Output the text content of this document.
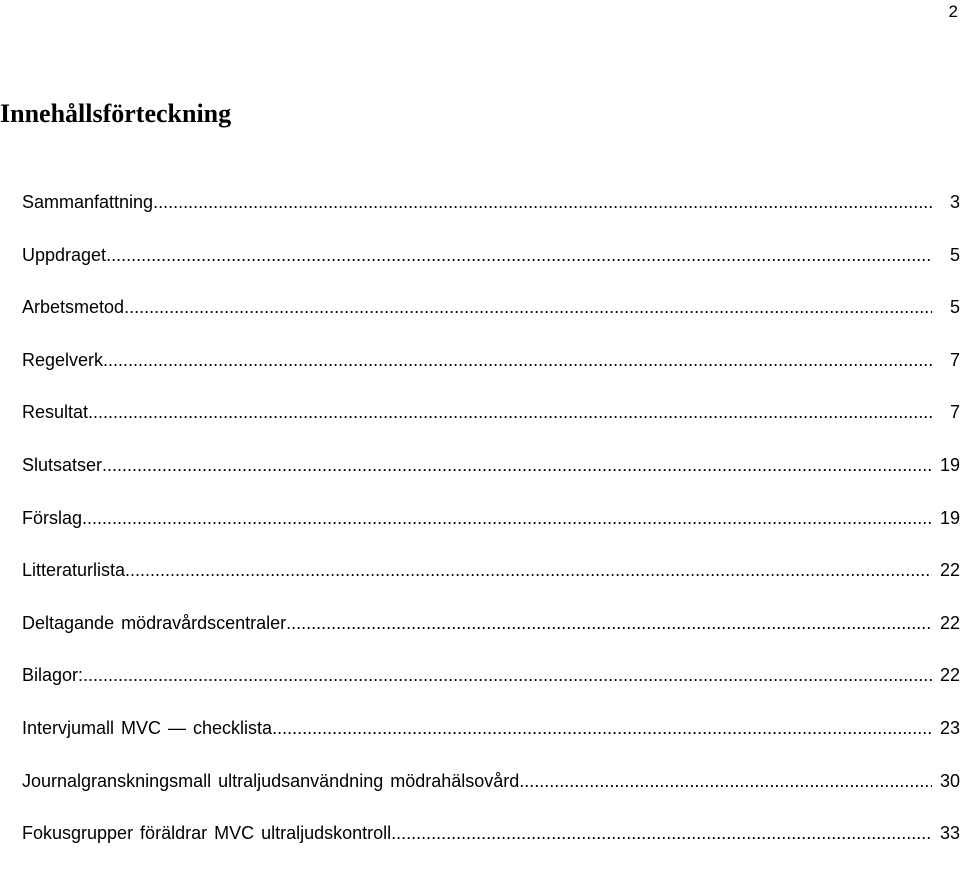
2
Innehållsförteckning
Sammanfattning .....	3
Uppdraget .....	5
Arbetsmetod .....	5
Regelverk .....	7
Resultat .....	7
Slutsatser .....	19
Förslag .....	19
Litteraturlista .....	22
Deltagande mödravårdscentraler .....	22
Bilagor: .....	22
Intervjumall MVC — checklista .....	23
Journalgranskningsmall ultraljudsanvändning mödrahälsovård .....	30
Fokusgrupper föräldrar MVC ultraljudskontroll .....	33
